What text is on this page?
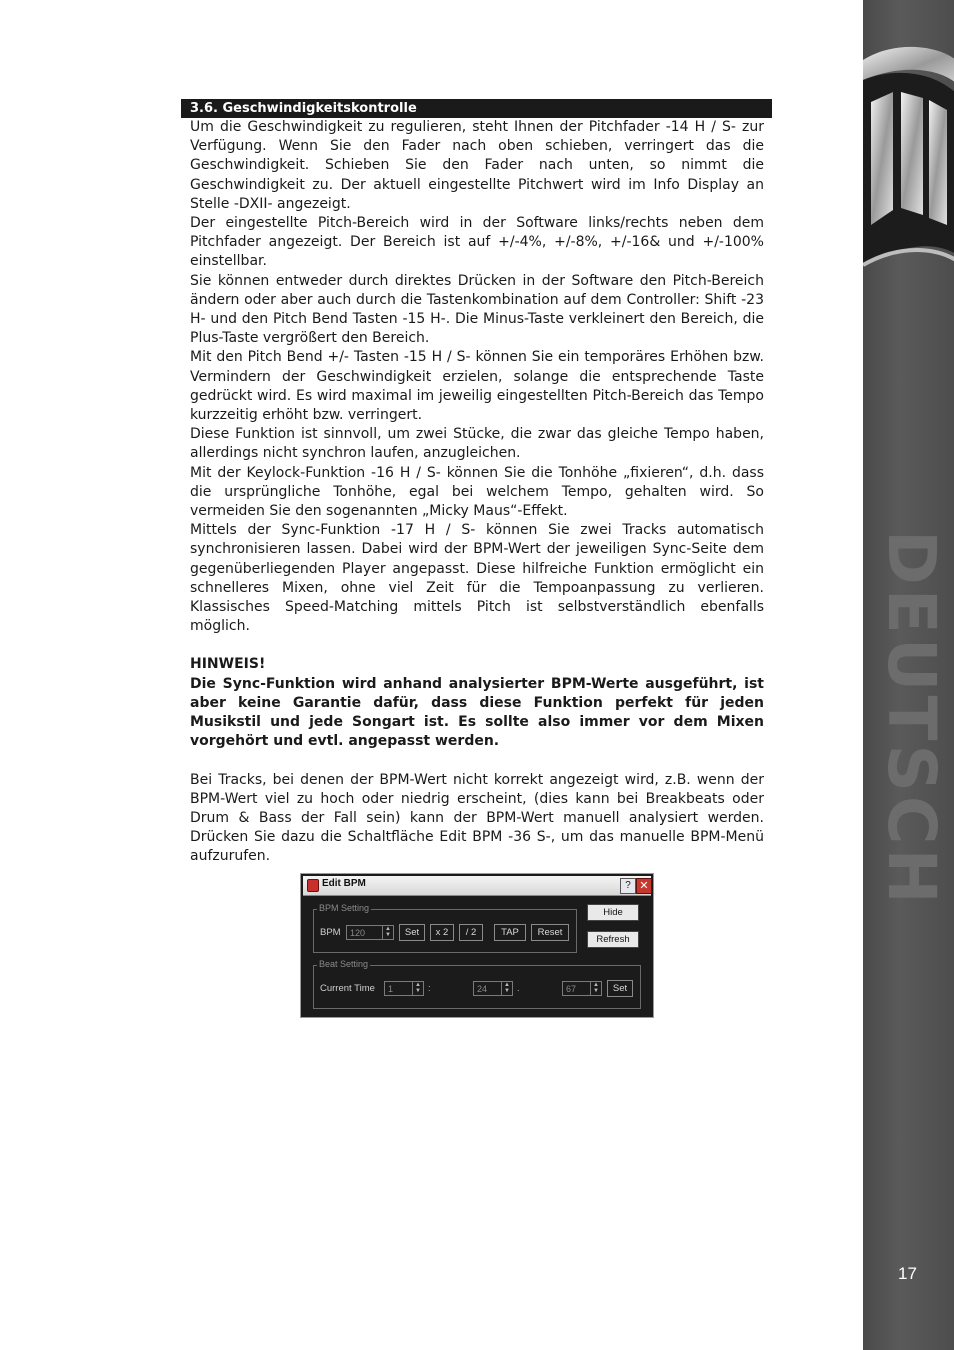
3.6. Geschwindigkeitskontrolle

Um die Geschwindigkeit zu regulieren, steht Ihnen der Pitchfader -14 H / S- zur Verfügung. Wenn Sie den Fader nach oben schieben, verringert das die Geschwindigkeit. Schieben Sie den Fader nach unten, so nimmt die Geschwindigkeit zu. Der aktuell eingestellte Pitchwert wird im Info Display an Stelle -DXII- angezeigt.

Der eingestellte Pitch-Bereich wird in der Software links/rechts neben dem Pitchfader angezeigt. Der Bereich ist auf +/-4%, +/-8%, +/-16& und +/-100% einstellbar.

Sie können entweder durch direktes Drücken in der Software den Pitch-Bereich ändern oder aber auch durch die Tastenkombination auf dem Controller: Shift -23 H- und den Pitch Bend Tasten -15 H-. Die Minus-Taste verkleinert den Bereich, die Plus-Taste vergrößert den Bereich.

Mit den Pitch Bend +/- Tasten -15 H / S- können Sie ein temporäres Erhöhen bzw. Vermindern der Geschwindigkeit erzielen, solange die entsprechende Taste gedrückt wird. Es wird maximal im jeweilig eingestellten Pitch-Bereich das Tempo kurzzeitig erhöht bzw. verringert.

Diese Funktion ist sinnvoll, um zwei Stücke, die zwar das gleiche Tempo haben, allerdings nicht synchron laufen, anzugleichen.

Mit der Keylock-Funktion -16 H / S- können Sie die Tonhöhe „fixieren“, d.h. dass die ursprüngliche Tonhöhe, egal bei welchem Tempo, gehalten wird. So vermeiden Sie den sogenannten „Micky Maus“-Effekt.

Mittels der Sync-Funktion -17 H / S- können Sie zwei Tracks automatisch synchronisieren lassen. Dabei wird der BPM-Wert der jeweiligen Sync-Seite dem gegenüberliegenden Player angepasst. Diese hilfreiche Funktion ermöglicht ein schnelleres Mixen, ohne viel Zeit für die Tempoanpassung zu verlieren. Klassisches Speed-Matching mittels Pitch ist selbstverständlich ebenfalls möglich.

HINWEIS!

Die Sync-Funktion wird anhand analysierter BPM-Werte ausgeführt, ist aber keine Garantie dafür, dass diese Funktion perfekt für jeden Musikstil und jede Songart ist. Es sollte also immer vor dem Mixen vorgehört und evtl. angepasst werden.

Bei Tracks, bei denen der BPM-Wert nicht korrekt angezeigt wird, z.B. wenn der BPM-Wert viel zu hoch oder niedrig erscheint, (dies kann bei Breakbeats oder Drum & Bass der Fall sein) kann der BPM-Wert manuell analysiert werden. Drücken Sie dazu die Schaltfläche Edit BPM -36 S-, um das manuelle BPM-Menü aufzurufen.

Edit BPM	? ✕
BPM Setting
BPM	120	▲
▼	Set	x 2	/ 2	TAP	Reset
Hide
Refresh
Beat Setting
Current Time	1	▲
▼ :	24	▲
▼ .	67	▲
▼	Set
DEUTSCH
17
